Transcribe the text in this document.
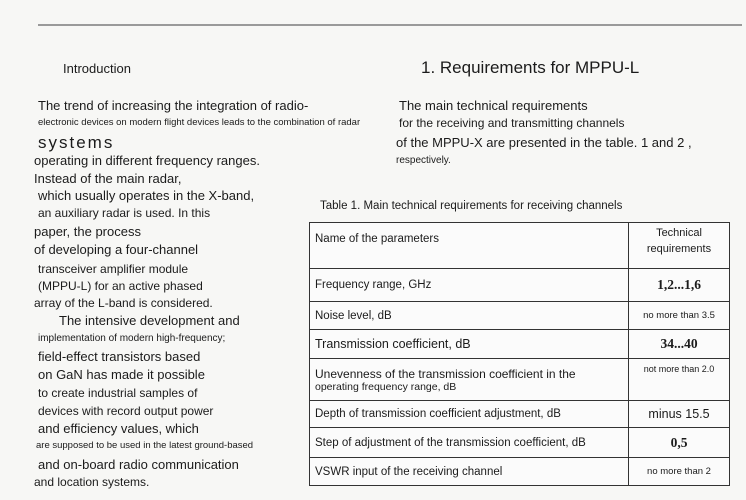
Introduction	1. Requirements for MPPU-L
The trend of increasing the integration of radio-
electronic devices on modern flight devices leads to the combination of radar
systems
operating in different frequency ranges.
Instead of the main radar,
which usually operates in the X-band,
an auxiliary radar is used. In this
paper, the process
of developing a four-channel
transceiver amplifier module
(MPPU-L) for an active phased
array of the L-band is considered.
The intensive development and
implementation of modern high-frequency;
field-effect transistors based
on GaN has made it possible
to create industrial samples of
devices with record output power
and efficiency values, which
are supposed to be used in the latest ground-based
and on-board radio communication
and location systems.
The main technical requirements
for the receiving and transmitting channels
of the MPPU-X are presented in the table. 1 and 2 ,
respectively.
Table 1. Main technical requirements for receiving channels
Name of the parameters	Technical requirements
Frequency range, GHz	1,2...1,6
Noise level, dB	no more than 3.5
Transmission coefficient, dB	34...40

Unevenness of the transmission coefficient in the
operating frequency range, dB	not more than 2.0
Depth of transmission coefficient adjustment, dB	minus 15.5
Step of adjustment of the transmission coefficient, dB	0,5
VSWR input of the receiving channel	no more than 2
